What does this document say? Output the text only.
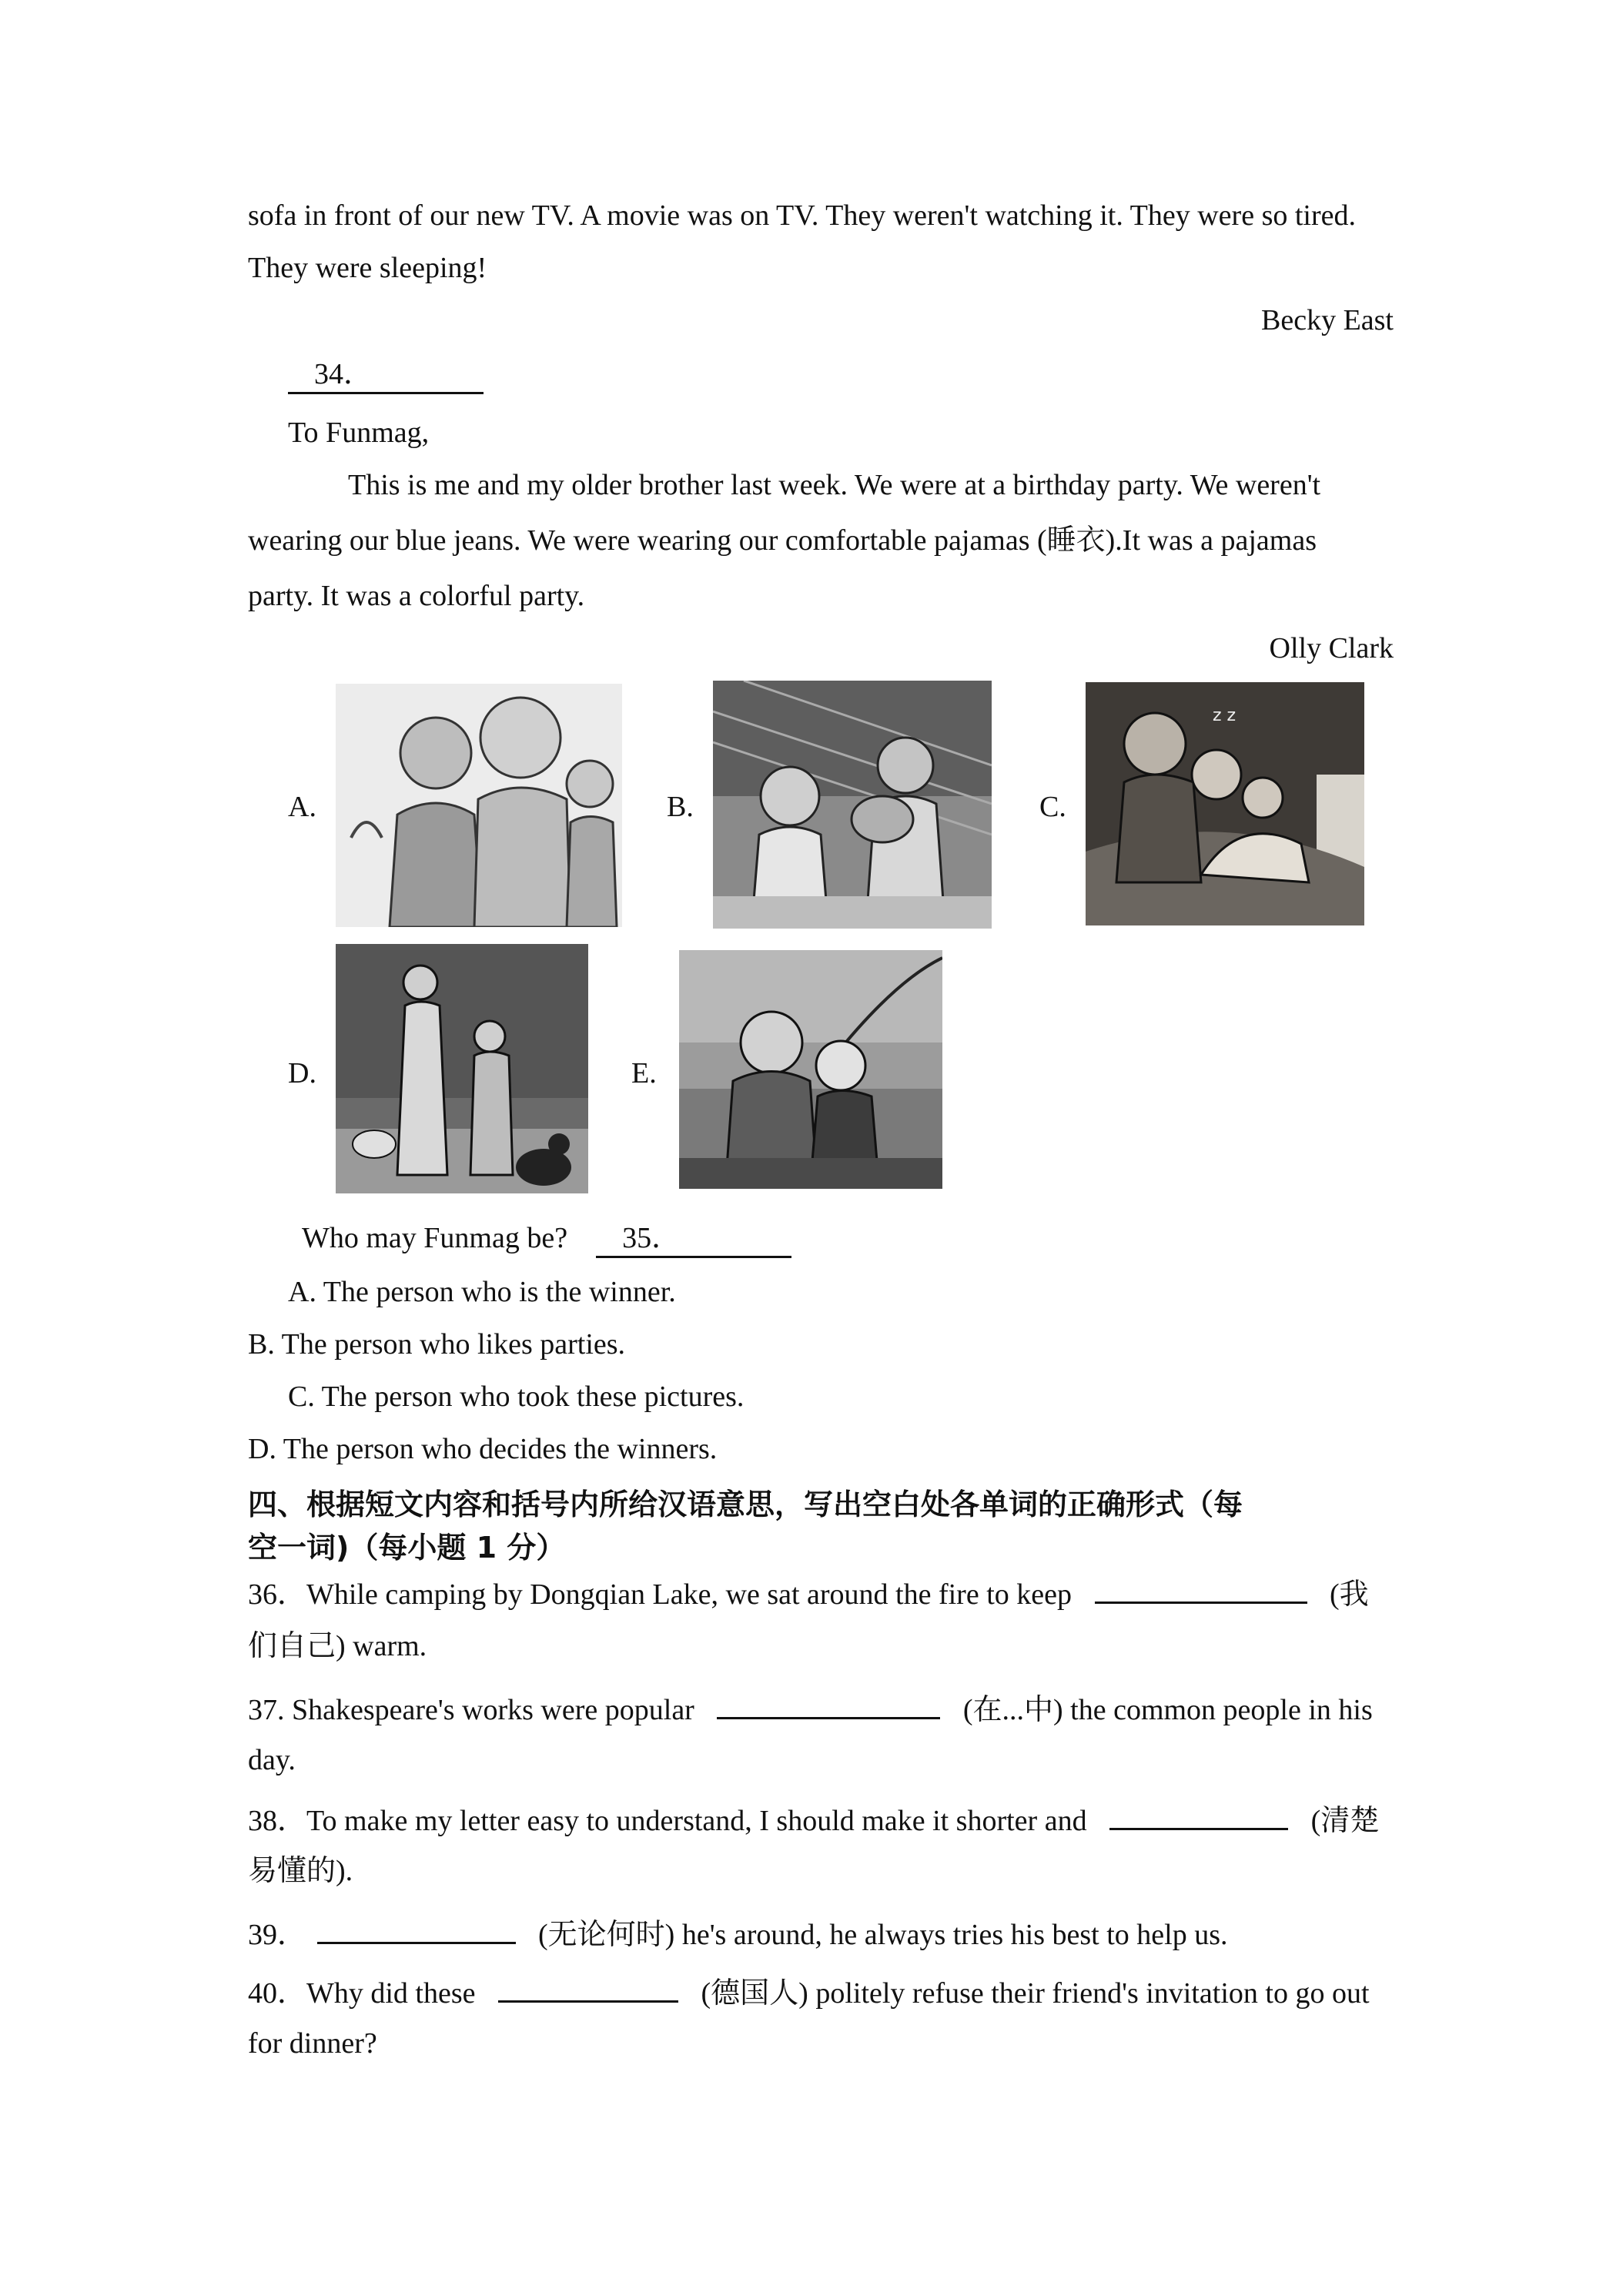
sofa in front of our new TV. A movie was on TV. They weren't watching it. They were so tired.
They were sleeping!
Becky East
34．
To Funmag,
This is me and my older brother last week. We were at a birthday party. We weren't
wearing our blue jeans. We were wearing our comfortable pajamas (睡衣).It was a pajamas
party. It was a colorful party.
Olly Clark
A.	B.	C.
z z
D.	E.
Who may Funmag be? 35．
A. The person who is the winner.
B. The person who likes parties.
C. The person who took these pictures.
D. The person who decides the winners.
四、根据短文内容和括号内所给汉语意思，写出空白处各单词的正确形式（每
空一词)（每小题 1 分）
36．While camping by Dongqian Lake, we sat around the fire to keep	(我
们自己) warm.
37. Shakespeare's works were popular	(在...中) the common people in his
day.
38．To make my letter easy to understand, I should make it shorter and	(清楚
易懂的).
39．	(无论何时) he's around, he always tries his best to help us.
40．Why did these	(德国人) politely refuse their friend's invitation to go out
for dinner?
